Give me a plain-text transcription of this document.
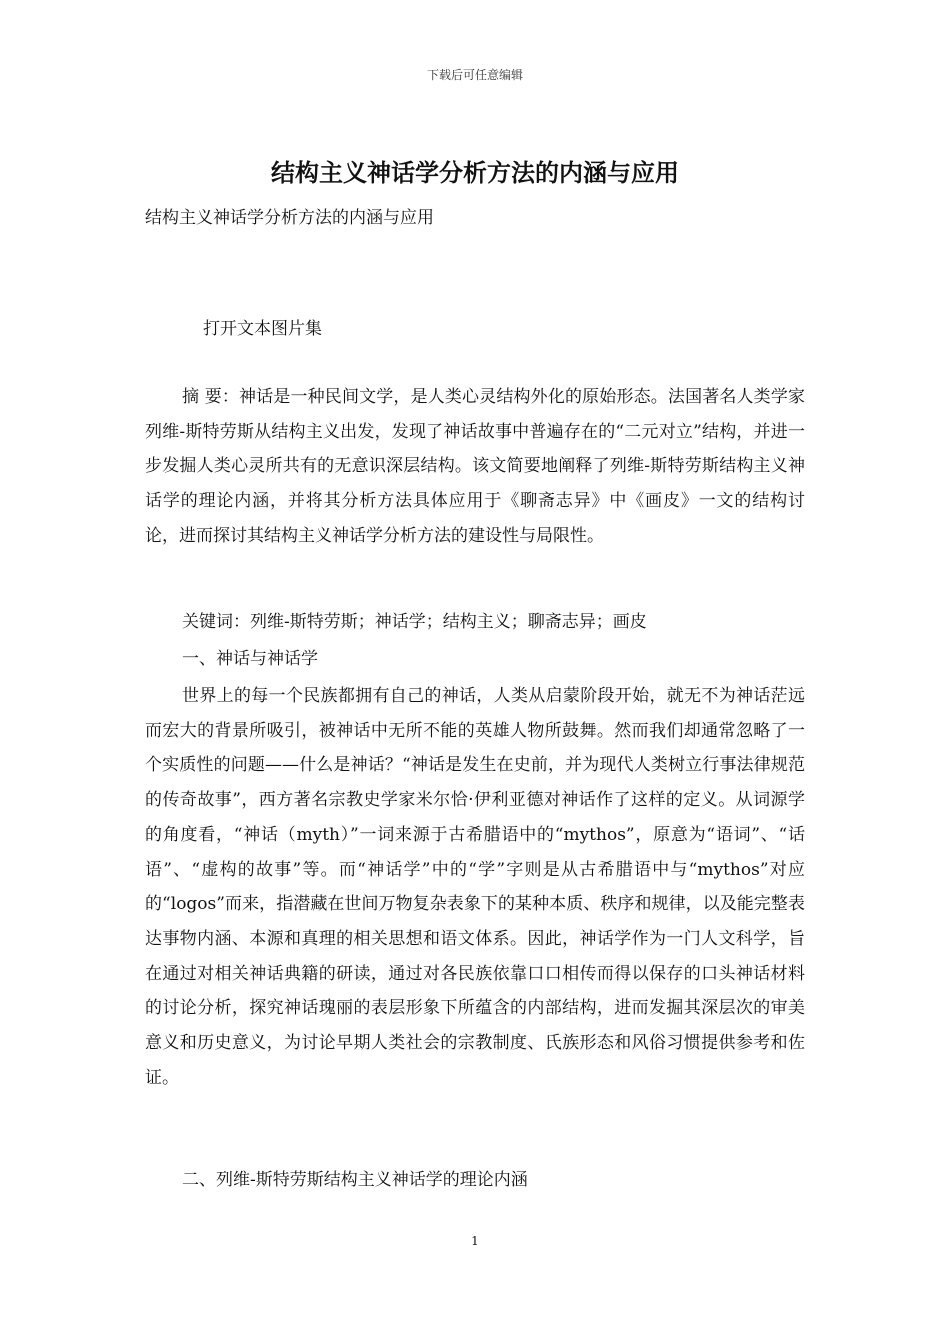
下载后可任意编辑
结构主义神话学分析方法的内涵与应用
结构主义神话学分析方法的内涵与应用
打开文本图片集

摘 要：神话是一种民间文学，是人类心灵结构外化的原始形态。法国著名人类学家列维-斯特劳斯从结构主义出发，发现了神话故事中普遍存在的“二元对立”结构，并进一步发掘人类心灵所共有的无意识深层结构。该文简要地阐释了列维-斯特劳斯结构主义神话学的理论内涵，并将其分析方法具体应用于《聊斋志异》中《画皮》一文的结构讨论，进而探讨其结构主义神话学分析方法的建设性与局限性。

关键词：列维-斯特劳斯；神话学；结构主义；聊斋志异；画皮

一、神话与神话学

世界上的每一个民族都拥有自己的神话，人类从启蒙阶段开始，就无不为神话茫远而宏大的背景所吸引，被神话中无所不能的英雄人物所鼓舞。然而我们却通常忽略了一个实质性的问题——什么是神话？“神话是发生在史前，并为现代人类树立行事法律规范的传奇故事”，西方著名宗教史学家米尔恰·伊利亚德对神话作了这样的定义。从词源学的角度看，“神话（myth）”一词来源于古希腊语中的“mythos”，原意为“语词”、“话语”、“虚构的故事”等。而“神话学”中的“学”字则是从古希腊语中与“mythos”对应的“logos”而来，指潜藏在世间万物复杂表象下的某种本质、秩序和规律，以及能完整表达事物内涵、本源和真理的相关思想和语文体系。因此，神话学作为一门人文科学，旨在通过对相关神话典籍的研读，通过对各民族依靠口口相传而得以保存的口头神话材料的讨论分析，探究神话瑰丽的表层形象下所蕴含的内部结构，进而发掘其深层次的审美意义和历史意义，为讨论早期人类社会的宗教制度、氏族形态和风俗习惯提供参考和佐证。

二、列维-斯特劳斯结构主义神话学的理论内涵

1
